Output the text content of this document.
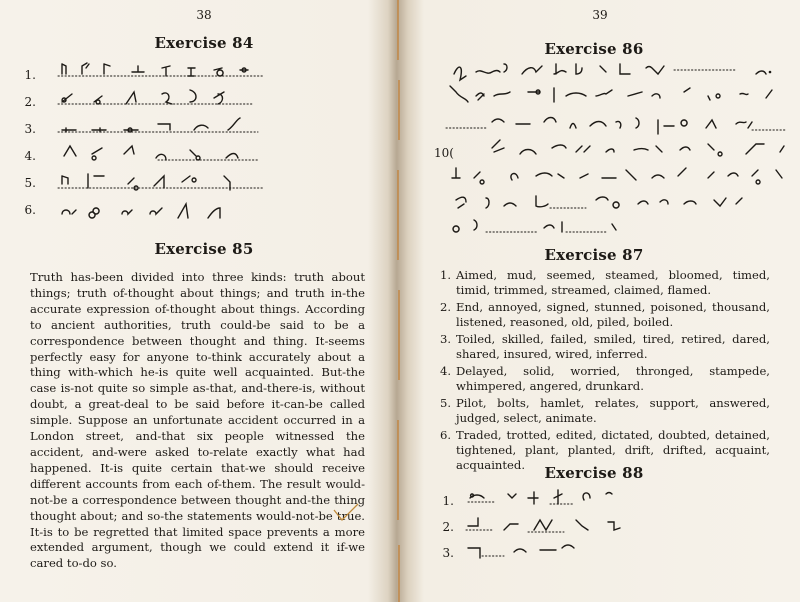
38
Exercise 84
1.
2.
3.
4.
5.
6.
Exercise 85
Truth has-been divided into three kinds: truth about things; truth of-thought about things; and truth in-the accurate expression of-thought about things. According to ancient authorities, truth could-be said to be a correspondence between thought and thing. It-seems perfectly easy for anyone to-think accurately about a thing with-which he-is quite well acquainted. But-the case is-not quite so simple as-that, and-there-is, without doubt, a great-deal to be said before it-can-be called simple. Suppose an unfortunate accident occurred in a London street, and-that six people witnessed the accident, and-were asked to-relate exactly what had happened. It-is quite certain that-we should receive different accounts from each of-them. The result would-not-be a correspondence between thought and-the thing thought about; and so-the statements would-not-be true. It-is to be regretted that limited space prevents a more extended argument, though we could extend it if-we cared to-do so.
39
Exercise 86
10(
Exercise 87
1. Aimed, mud, seemed, steamed, bloomed, timed, timid, trimmed, streamed, claimed, flamed.
2. End, annoyed, signed, stunned, poisoned, thousand, listened, reasoned, old, piled, boiled.
3. Toiled, skilled, failed, smiled, tired, retired, dared, shared, insured, wired, inferred.
4. Delayed, solid, worried, thronged, stampede, whimpered, angered, drunkard.
5. Pilot, bolts, hamlet, relates, support, answered, judged, select, animate.
6. Traded, trotted, edited, dictated, doubted, detained, tightened, plant, planted, drift, drifted, acquaint, acquainted.	Exercise 88
1.
2.
3.
